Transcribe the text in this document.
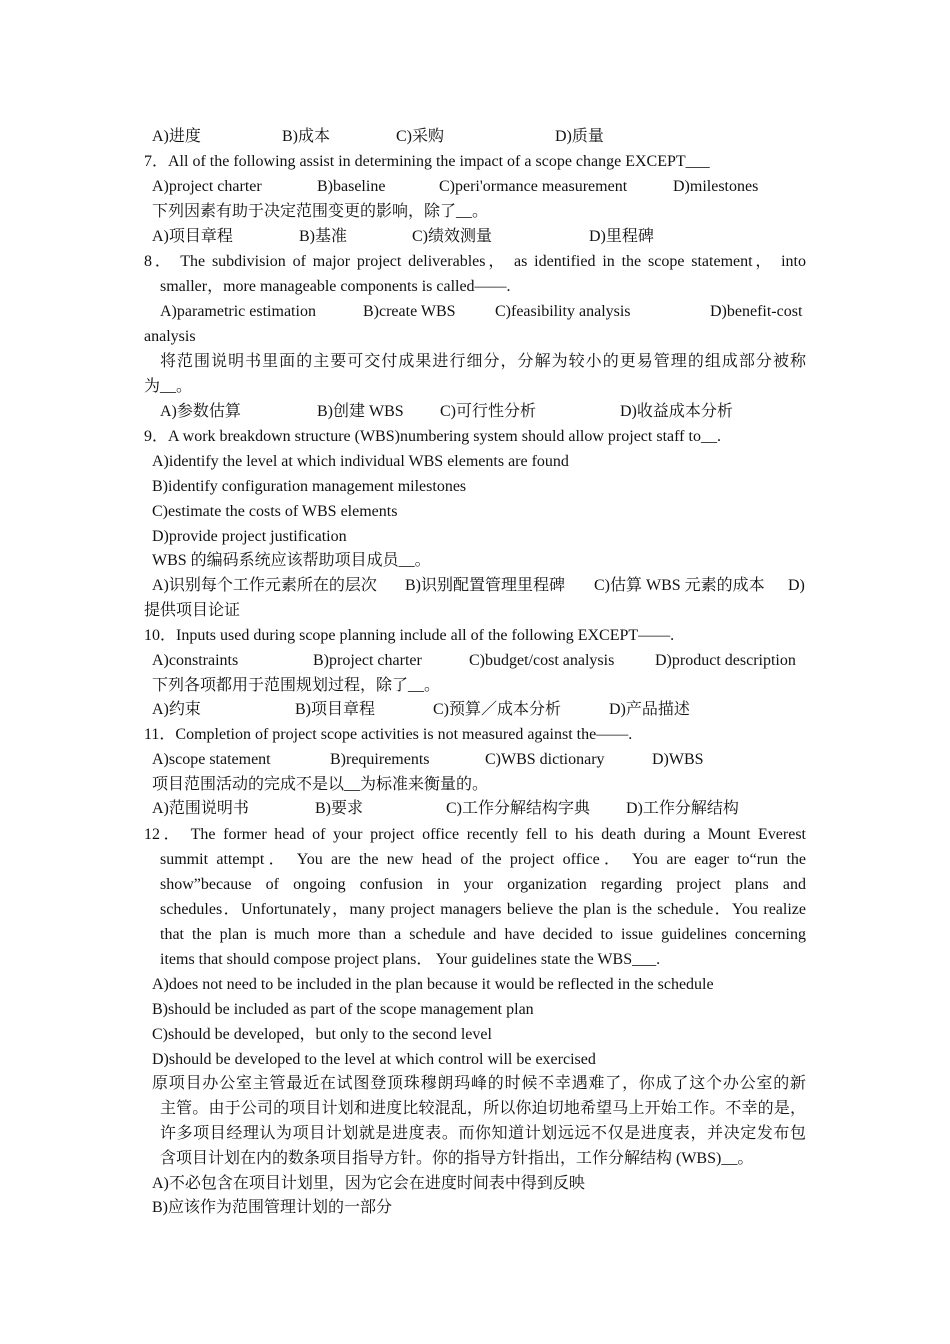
A)进度	B)成本	C)采购	D)质量
7．All of the following assist in determining the impact of a scope change EXCEPT___
A)project charter	B)baseline	C)peri'ormance measurement	D)milestones
下列因素有助于决定范围变更的影响，除了__。
A)项目章程	B)基准	C)绩效测量	D)里程碑
8． The subdivision of major project deliverables， as identified in the scope statement， into
smaller，more manageable components is called——.
A)parametric estimation	B)create WBS C)feasibility analysis	D)benefit-cost
analysis
将范围说明书里面的主要可交付成果进行细分，分解为较小的更易管理的组成部分被称
为__。
A)参数估算	B)创建 WBS C)可行性分析	D)收益成本分析
9．A work breakdown structure (WBS)numbering system should allow project staff to__.
A)identify the level at which individual WBS elements are found
B)identify configuration management milestones
C)estimate the costs of WBS elements
D)provide project justification
WBS 的编码系统应该帮助项目成员__。
A)识别每个工作元素所在的层次 B)识别配置管理里程碑 C)估算 WBS 元素的成本 D)
提供项目论证
10．Inputs used during scope planning include all of the following EXCEPT——.
A)constraints	B)project charter	C)budget/cost analysis	D)product description
下列各项都用于范围规划过程，除了__。
A)约束	B)项目章程	C)预算／成本分析	D)产品描述
11．Completion of project scope activities is not measured against the——.
A)scope statement	B)requirements	C)WBS dictionary	D)WBS
项目范围活动的完成不是以__为标准来衡量的。
A)范围说明书	B)要求	C)工作分解结构字典 D)工作分解结构
12． The former head of your project office recently fell to his death during a Mount Everest
summit attempt． You are the new head of the project office． You are eager to“run the
show”because of ongoing confusion in your organization regarding project plans and
schedules．Unfortunately，many project managers believe the plan is the schedule．You realize
that the plan is much more than a schedule and have decided to issue guidelines concerning
items that should compose project plans． Your guidelines state the WBS___.
A)does not need to be included in the plan because it would be reflected in the schedule
B)should be included as part of the scope management plan
C)should be developed，but only to the second level
D)should be developed to the level at which control will be exercised
原项目办公室主管最近在试图登顶珠穆朗玛峰的时候不幸遇难了，你成了这个办公室的新
主管。由于公司的项目计划和进度比较混乱，所以你迫切地希望马上开始工作。不幸的是，
许多项目经理认为项目计划就是进度表。而你知道计划远远不仅是进度表，并决定发布包
含项目计划在内的数条项目指导方针。你的指导方针指出，工作分解结构 (WBS)__。
A)不必包含在项目计划里，因为它会在进度时间表中得到反映
B)应该作为范围管理计划的一部分
